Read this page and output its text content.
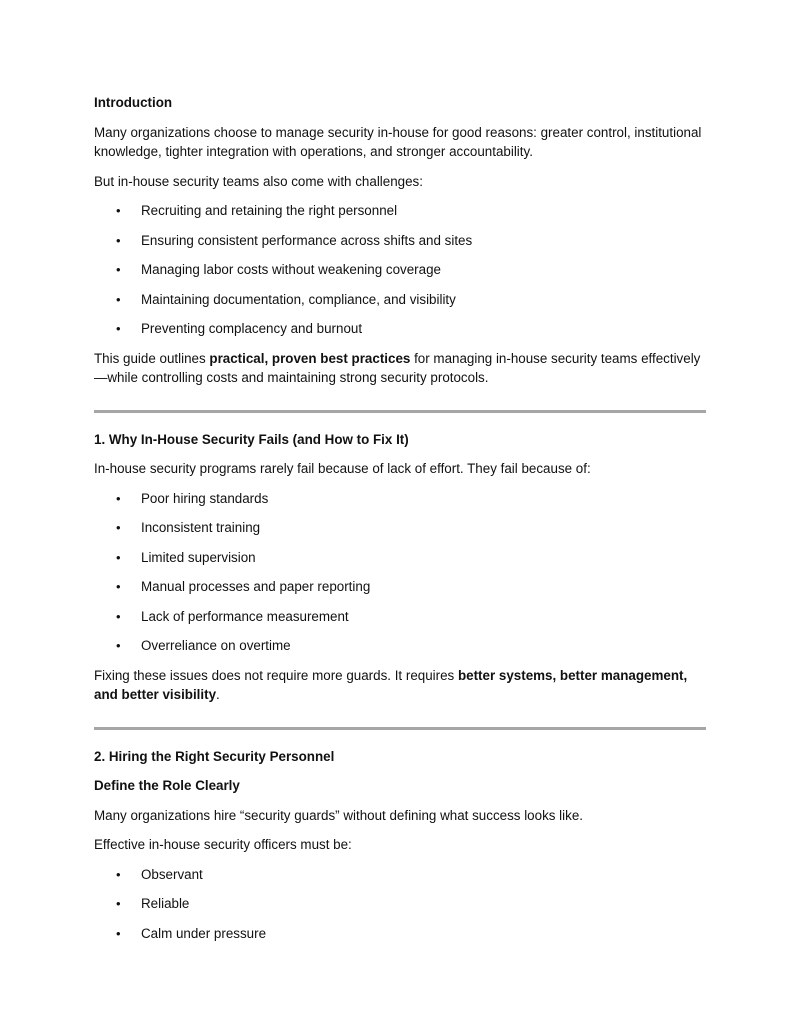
Introduction

Many organizations choose to manage security in-house for good reasons: greater control, institutional knowledge, tighter integration with operations, and stronger accountability.

But in-house security teams also come with challenges:

• Recruiting and retaining the right personnel
• Ensuring consistent performance across shifts and sites
• Managing labor costs without weakening coverage
• Maintaining documentation, compliance, and visibility
• Preventing complacency and burnout

This guide outlines practical, proven best practices for managing in-house security teams effectively—while controlling costs and maintaining strong security protocols.

1. Why In-House Security Fails (and How to Fix It)

In-house security programs rarely fail because of lack of effort. They fail because of:

• Poor hiring standards
• Inconsistent training
• Limited supervision
• Manual processes and paper reporting
• Lack of performance measurement
• Overreliance on overtime

Fixing these issues does not require more guards. It requires better systems, better management, and better visibility.

2. Hiring the Right Security Personnel
Define the Role Clearly

Many organizations hire “security guards” without defining what success looks like.

Effective in-house security officers must be:

• Observant
• Reliable
• Calm under pressure
